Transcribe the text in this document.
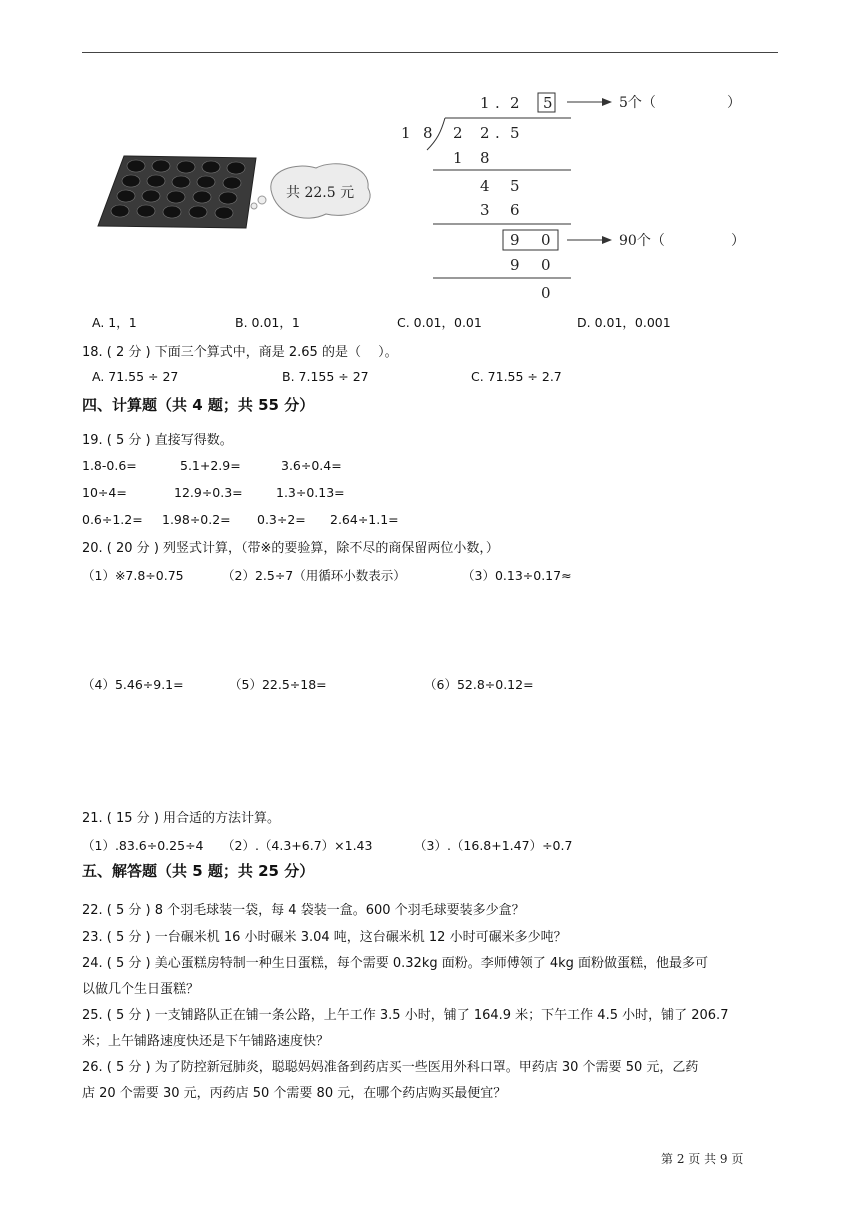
共 22.5 元
1 . 2 5
1 8 2 2 . 5
1 8
4 5
3 6
9 0
9 0
0
5个（	）
90个（	）
A. 1，1	B. 0.01，1	C. 0.01，0.01	D. 0.01，0.001
18. ( 2 分 ) 下面三个算式中，商是 2.65 的是（　 ）。
A. 71.55 ÷ 27	B. 7.155 ÷ 27	C. 71.55 ÷ 2.7
四、计算题（共 4 题；共 55 分）
19. ( 5 分 ) 直接写得数。
1.8-0.6=	5.1+2.9=	3.6÷0.4=
10÷4=	12.9÷0.3=	1.3÷0.13=
0.6÷1.2= 1.98÷0.2= 0.3÷2= 2.64÷1.1=
20. ( 20 分 ) 列竖式计算，（带※的要验算，除不尽的商保留两位小数，）
（1）※7.8÷0.75	（2）2.5÷7（用循环小数表示）	（3）0.13÷0.17≈
（4）5.46÷9.1=	（5）22.5÷18=	（6）52.8÷0.12=
21. ( 15 分 ) 用合适的方法计算。
（1）.83.6÷0.25÷4 （2）.（4.3+6.7）×1.43	（3）.（16.8+1.47）÷0.7
五、解答题（共 5 题；共 25 分）
22. ( 5 分 ) 8 个羽毛球装一袋，每 4 袋装一盒。600 个羽毛球要装多少盒？
23. ( 5 分 ) 一台碾米机 16 小时碾米 3.04 吨，这台碾米机 12 小时可碾米多少吨？
24. ( 5 分 ) 美心蛋糕房特制一种生日蛋糕，每个需要 0.32kg 面粉。李师傅领了 4kg 面粉做蛋糕，他最多可
以做几个生日蛋糕？
25. ( 5 分 ) 一支铺路队正在铺一条公路，上午工作 3.5 小时，铺了 164.9 米；下午工作 4.5 小时，铺了 206.7
米；上午铺路速度快还是下午铺路速度快？
26. ( 5 分 ) 为了防控新冠肺炎，聪聪妈妈准备到药店买一些医用外科口罩。甲药店 30 个需要 50 元，乙药
店 20 个需要 30 元，丙药店 50 个需要 80 元，在哪个药店购买最便宜？
第 2 页 共 9 页
